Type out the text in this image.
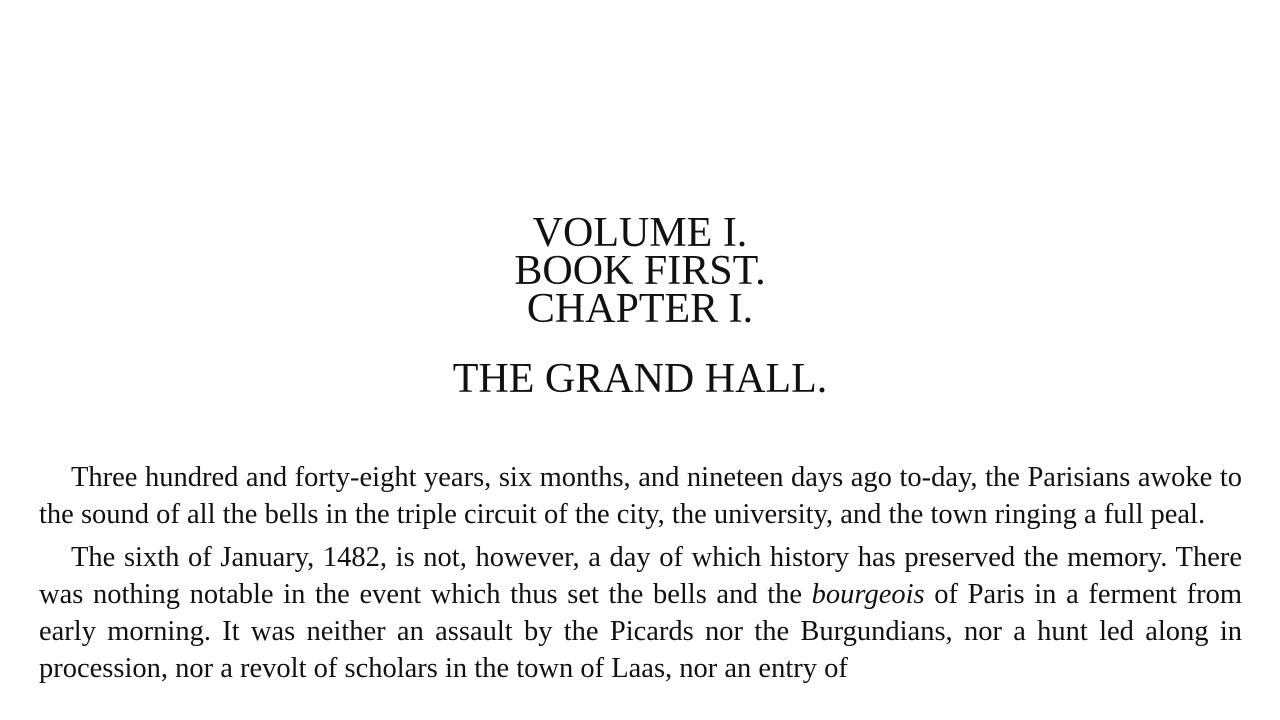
VOLUME I.
BOOK FIRST.
CHAPTER I.
THE GRAND HALL.

Three hundred and forty-eight years, six months, and nineteen days ago to-day, the Parisians awoke to the sound of all the bells in the triple circuit of the city, the university, and the town ringing a full peal.

The sixth of January, 1482, is not, however, a day of which history has preserved the memory. There was nothing notable in the event which thus set the bells and the bourgeois of Paris in a ferment from early morning. It was neither an assault by the Picards nor the Burgundians, nor a hunt led along in procession, nor a revolt of scholars in the town of Laas, nor an entry of
